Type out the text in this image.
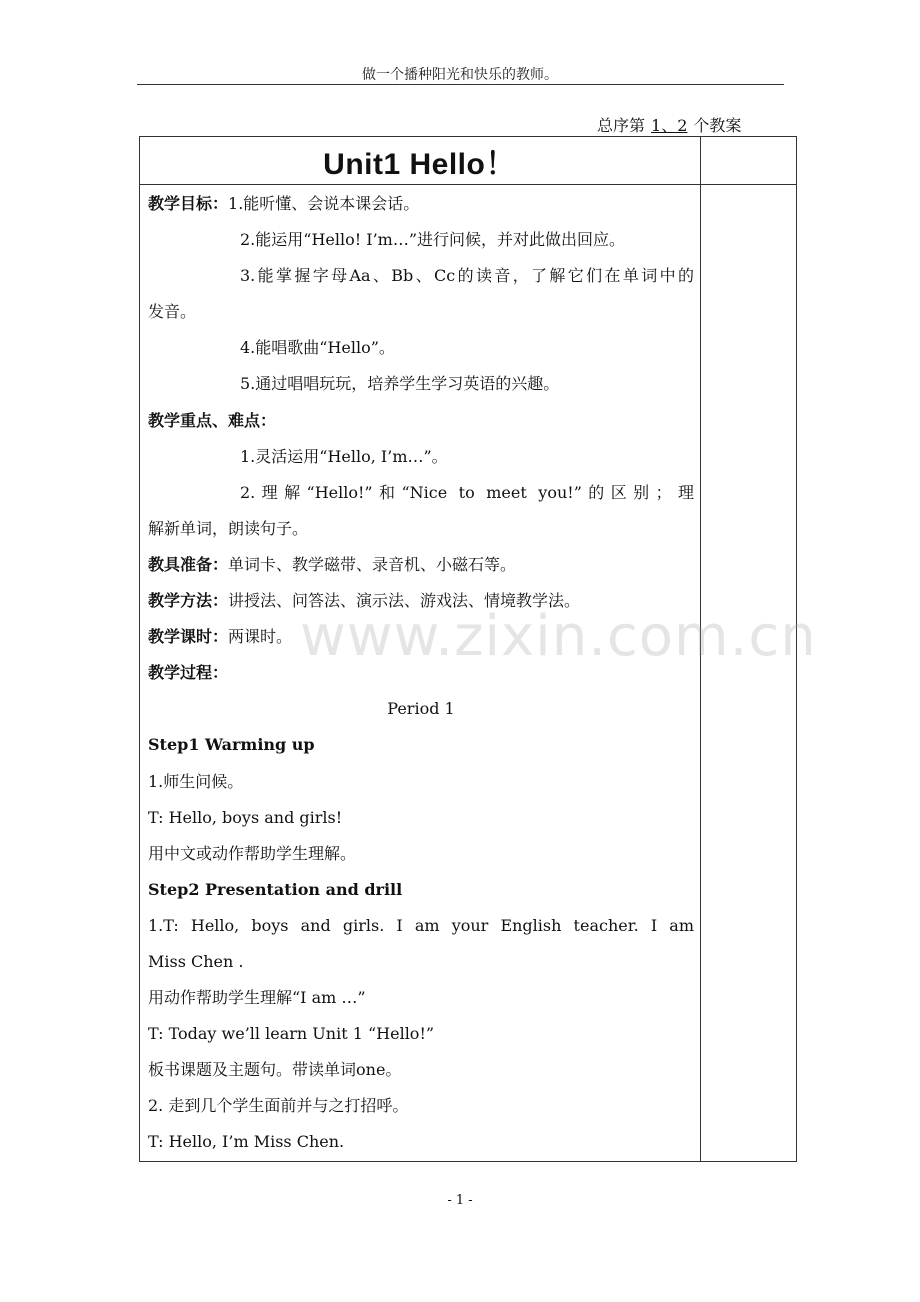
做一个播种阳光和快乐的教师。
总序第 1、2 个教案
Unit1 Hello！
教学目标：1.能听懂、会说本课会话。
2.能运用“Hello! I’m…”进行问候，并对此做出回应。
3.能掌握字母Aa、Bb、Cc的读音，了解它们在单词中的
发音。
4.能唱歌曲“Hello”。
5.通过唱唱玩玩，培养学生学习英语的兴趣。
教学重点、难点：
1.灵活运用“Hello, I’m…”。
2.理解“Hello!”和“Nice to meet you!”的区别；理
解新单词，朗读句子。
教具准备：单词卡、教学磁带、录音机、小磁石等。
教学方法：讲授法、问答法、演示法、游戏法、情境教学法。
教学课时：两课时。
教学过程：
Period 1
Step1 Warming up
1.师生问候。
T: Hello, boys and girls!
用中文或动作帮助学生理解。
Step2 Presentation and drill
1.T: Hello, boys and girls. I am your English teacher. I am
Miss Chen .
用动作帮助学生理解“I am …”
T: Today we’ll learn Unit 1 “Hello!”
板书课题及主题句。带读单词one。
2. 走到几个学生面前并与之打招呼。
T: Hello, I’m Miss Chen.
www.zixin.com.cn
- 1 -
